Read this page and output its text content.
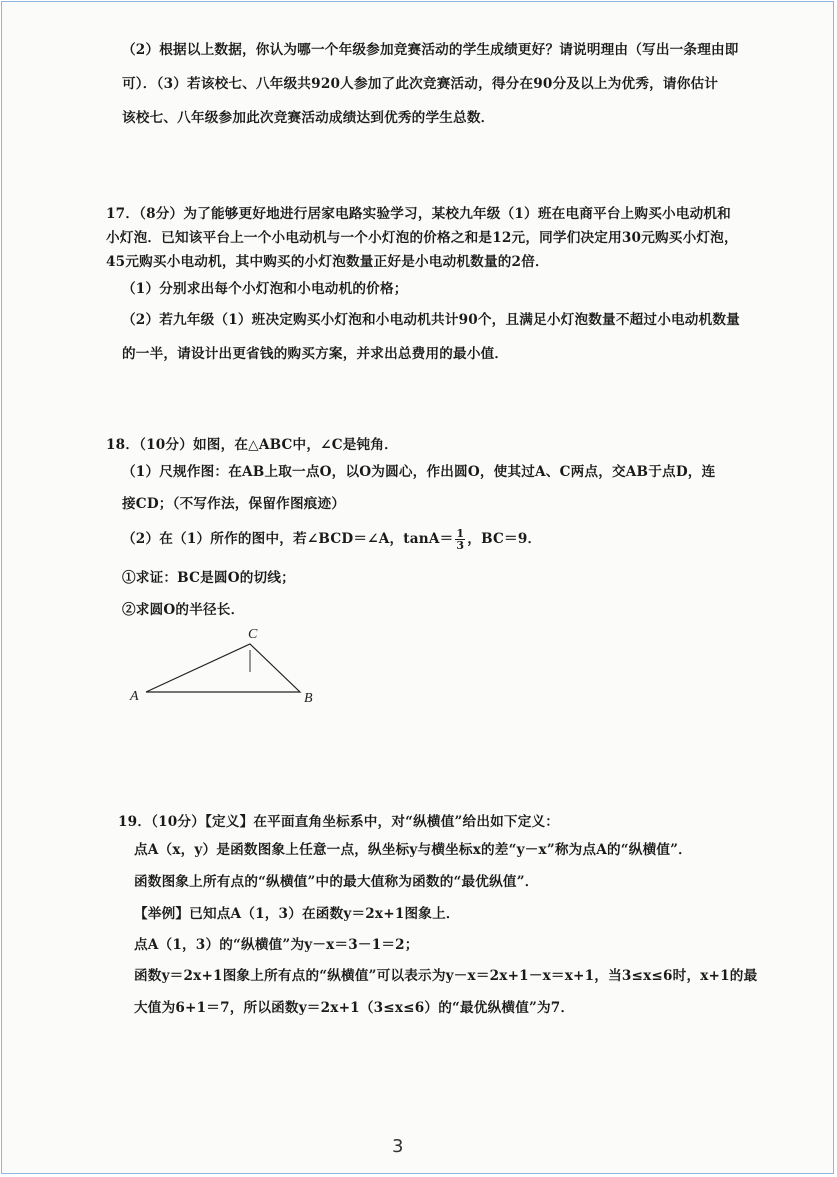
（2）根据以上数据，你认为哪一个年级参加竞赛活动的学生成绩更好？请说明理由（写出一条理由即
可）．（3）若该校七、八年级共920人参加了此次竞赛活动，得分在90分及以上为优秀，请你估计
该校七、八年级参加此次竞赛活动成绩达到优秀的学生总数．
17．（8分）为了能够更好地进行居家电路实验学习，某校九年级（1）班在电商平台上购买小电动机和
小灯泡．已知该平台上一个小电动机与一个小灯泡的价格之和是12元，同学们决定用30元购买小灯泡，
45元购买小电动机，其中购买的小灯泡数量正好是小电动机数量的2倍．
（1）分别求出每个小灯泡和小电动机的价格；
（2）若九年级（1）班决定购买小灯泡和小电动机共计90个，且满足小灯泡数量不超过小电动机数量
的一半，请设计出更省钱的购买方案，并求出总费用的最小值．
18．（10分）如图，在△ABC中，∠C是钝角．
（1）尺规作图：在AB上取一点O，以O为圆心，作出圆O，使其过A、C两点，交AB于点D，连
接CD；（不写作法，保留作图痕迹）
（2）在（1）所作的图中，若∠BCD＝∠A，$\tan A= \frac{1}{3}$ ，BC＝9．
①求证：BC是圆O的切线；
②求圆O的半径长．
A	B
C
19．（10分）【定义】在平面直角坐标系中，对“纵横值”给出如下定义：
点A（x，y）是函数图象上任意一点，纵坐标y与横坐标x的差“y－x”称为点A的“纵横值”．
函数图象上所有点的“纵横值”中的最大值称为函数的“最优纵值”．
【举例】已知点A（1，3）在函数y＝2x+1图象上．
点A（1，3）的“纵横值”为y－x＝3－1＝2；
函数y＝2x+1图象上所有点的“纵横值”可以表示为y－x＝2x+1－x＝x+1，当3≤x≤6时，x+1的最
大值为6+1＝7，所以函数y＝2x+1（3≤x≤6）的“最优纵横值”为7．
3
